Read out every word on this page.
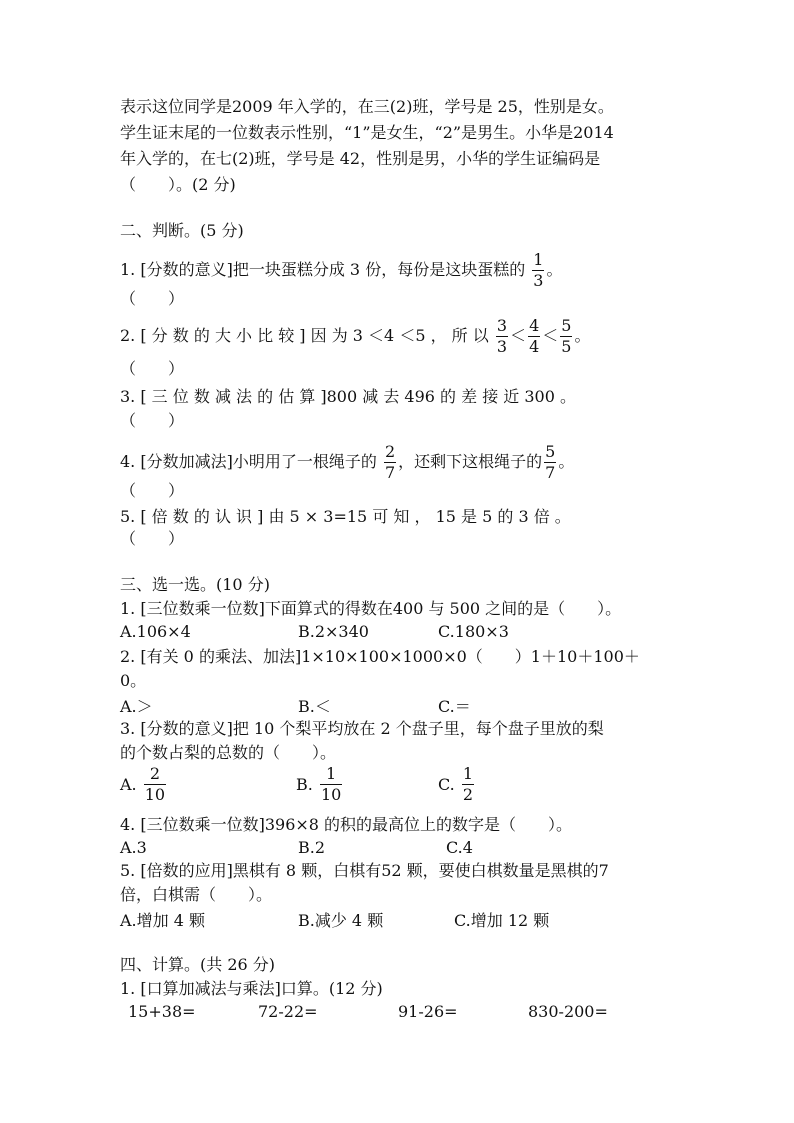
表示这位同学是2009 年入学的，在三(2)班，学号是 25，性别是女。
学生证末尾的一位数表示性别，“1”是女生，“2”是男生。小华是2014
年入学的，在七(2)班，学号是 42，性别是男，小华的学生证编码是
（　　）。(2 分)
二、判断。(5 分)
1. [分数的意义]把一块蛋糕分成 3 份，每份是这块蛋糕的 $\frac{1}{3}$ 。
（　　）
2. [ 分 数 的 大 小 比 较 ] 因 为 3 ＜4 ＜5 ， 所 以 $\frac{3}{3} < \frac{4}{4} < \frac{5}{5}$ 。
（　　）
3. [ 三 位 数 减 法 的 估 算 ]800 减 去 496 的 差 接 近 300 。
（　　）
4. [分数加减法]小明用了一根绳子的 $\frac{2}{7}$ ，还剩下这根绳子的 $\frac{5}{7}$ 。
（　　）
5. [ 倍 数 的 认 识 ] 由 5 × 3=15 可 知 ， 15 是 5 的 3 倍 。
（　　）
三、选一选。(10 分)
1. [三位数乘一位数]下面算式的得数在400 与 500 之间的是（　　）。
A.106×4	B.2×340	C.180×3
2. [有关 0 的乘法、加法]1×10×100×1000×0（　　）1＋10＋100＋
0。
A.＞	B.＜	C.＝
3. [分数的意义]把 10 个梨平均放在 2 个盘子里，每个盘子里放的梨
的个数占梨的总数的（　　）。
A. $\frac{2}{10}$	B. $\frac{1}{10}$	C. $\frac{1}{2}$
4. [三位数乘一位数]396×8 的积的最高位上的数字是（　　）。
A.3	B.2	C.4
5. [倍数的应用]黑棋有 8 颗，白棋有52 颗，要使白棋数量是黑棋的7
倍，白棋需（　　）。
A.增加 4 颗	B.减少 4 颗	C.增加 12 颗
四、计算。(共 26 分)
1. [口算加减法与乘法]口算。(12 分)
15+38=	72-22=	91-26=	830-200=
